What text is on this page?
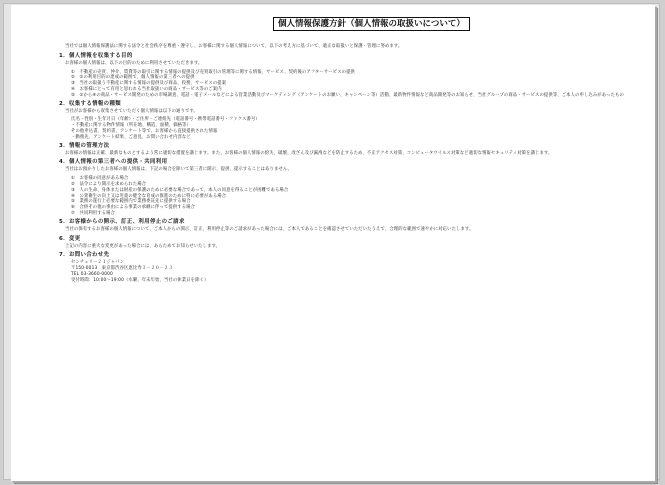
個人情報保護方針（個人情報の取扱いについて）
当社では個人情報保護法に関する法令と社会秩序を尊重・遵守し、お客様に関する個人情報について、以下の考え方に基づいて、適正な取扱いと保護・管理に努めます。
1．個人情報を収集する目的
お客様の個人情報は、以下の目的のために利用させていただきます。
①　不動産の売買、仲介、賃貸等の取引に関する情報の提供及び売買取引の管理等に関する情報、サービス、契約後のアフターサービスの提供
②　①の利用目的の達成の範囲で、個人情報の第三者への提供
③　当社の取扱う不動産に関する情報の提供及び商品、役務、サービスの提案
④　お客様にとって有用と思われる当社取扱いの商品・サービス等のご案内
⑤　①から④の商品・サービス開発のための市場調査、電話・電子メールなどによる営業活動及びマーケティング（アンケートのお願い、キャンペーン等）活動、最新物件情報など商品開発等のお知らせ、当社グループの商品・サービスの提供等、ご本人の申し込みがあったもの
2．収集する情報の種類
当社がお客様から収集させていただく個人情報は以下の通りです。
氏名・性別・生年月日（年齢）・ご住所・ご連絡先（電話番号・携帯電話番号・ファクス番号）
・不動産に関する物件情報（所在地、構造、面積、価格等）
その他申込書、契約書、アンケート等で、お客様から直接提供された情報
・勤務先、アンケート結果、ご意見、お問い合わせ内容など
3．情報の管理方法
お客様の情報は正確、最新なものとするよう常に適切な措置を講じます。また、お客様の個人情報の紛失、破壊、改ざん及び漏洩などを防止するため、不正アクセス対策、コンピュータウイルス対策など適切な情報セキュリティ対策を講じます。
4．個人情報の第三者への提供・共同利用
当社はお預かりしたお客様の個人情報は、下記の場合を除いて第三者に開示、提供、提示することはありません。
①　お客様の同意がある場合
②　法令により開示を求められた場合
③　人の生命、身体または財産の保護のために必要な場合であって、本人の同意を得ることが困難である場合
④　公衆衛生の向上又は児童の健全な育成の推進のために特に必要がある場合
⑤　業務の遂行上必要な範囲内で業務委託先に提供する場合
⑥　合併その他の事由による事業の承継に伴って提供する場合
⑦　共同利用する場合
5．お客様からの開示、訂正、利用停止のご請求
当社の保有するお客様の個人情報について、ご本人からの開示、訂正、利用停止等のご請求があった場合には、ご本人であることを確認させていただいたうえで、合理的な範囲で速やかに対応いたします。
6．変更
上記の内容に重大な変更があった場合には、あらためてお知らせいたします。
7．お問い合わせ先
センチュリー２１ジャパン
〒150-0013　東京都渋谷区恵比寿３－２０－２３
TEL 03-3660-0000
受付時間：10:00～19:00（水曜、年末年始、当社の休業日を除く）
